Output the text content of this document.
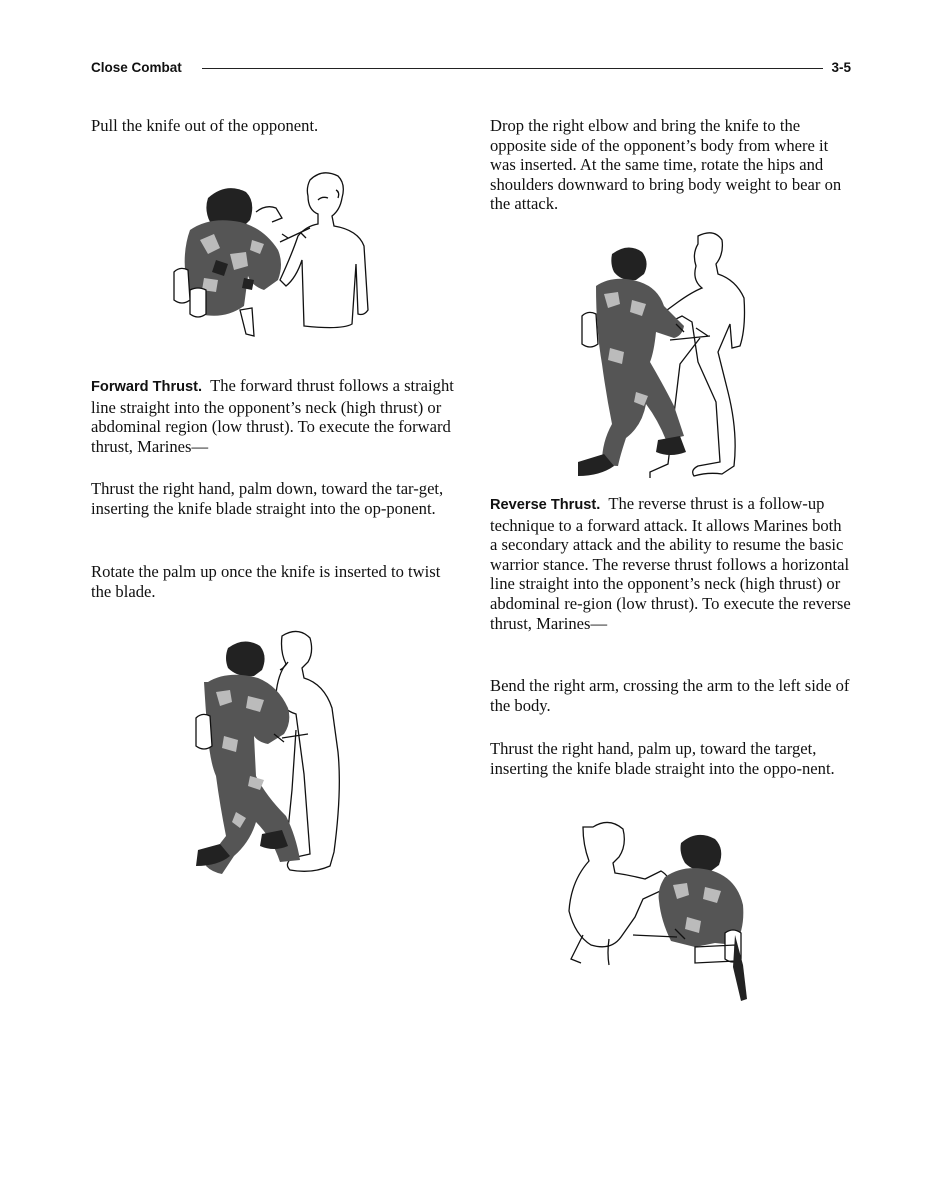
Close Combat	3-5

Pull the knife out of the opponent.

Forward Thrust. The forward thrust follows a straight line straight into the opponent’s neck (high thrust) or abdominal region (low thrust). To execute the forward thrust, Marines—

Thrust the right hand, palm down, toward the tar-get, inserting the knife blade straight into the op-ponent.

Rotate the palm up once the knife is inserted to twist the blade.

Drop the right elbow and bring the knife to the opposite side of the opponent’s body from where it was inserted. At the same time, rotate the hips and shoulders downward to bring body weight to bear on the attack.

Reverse Thrust. The reverse thrust is a follow-up technique to a forward attack. It allows Marines both a secondary attack and the ability to resume the basic warrior stance. The reverse thrust follows a horizontal line straight into the opponent’s neck (high thrust) or abdominal re-gion (low thrust). To execute the reverse thrust, Marines—

Bend the right arm, crossing the arm to the left side of the body.

Thrust the right hand, palm up, toward the target, inserting the knife blade straight into the oppo-nent.
